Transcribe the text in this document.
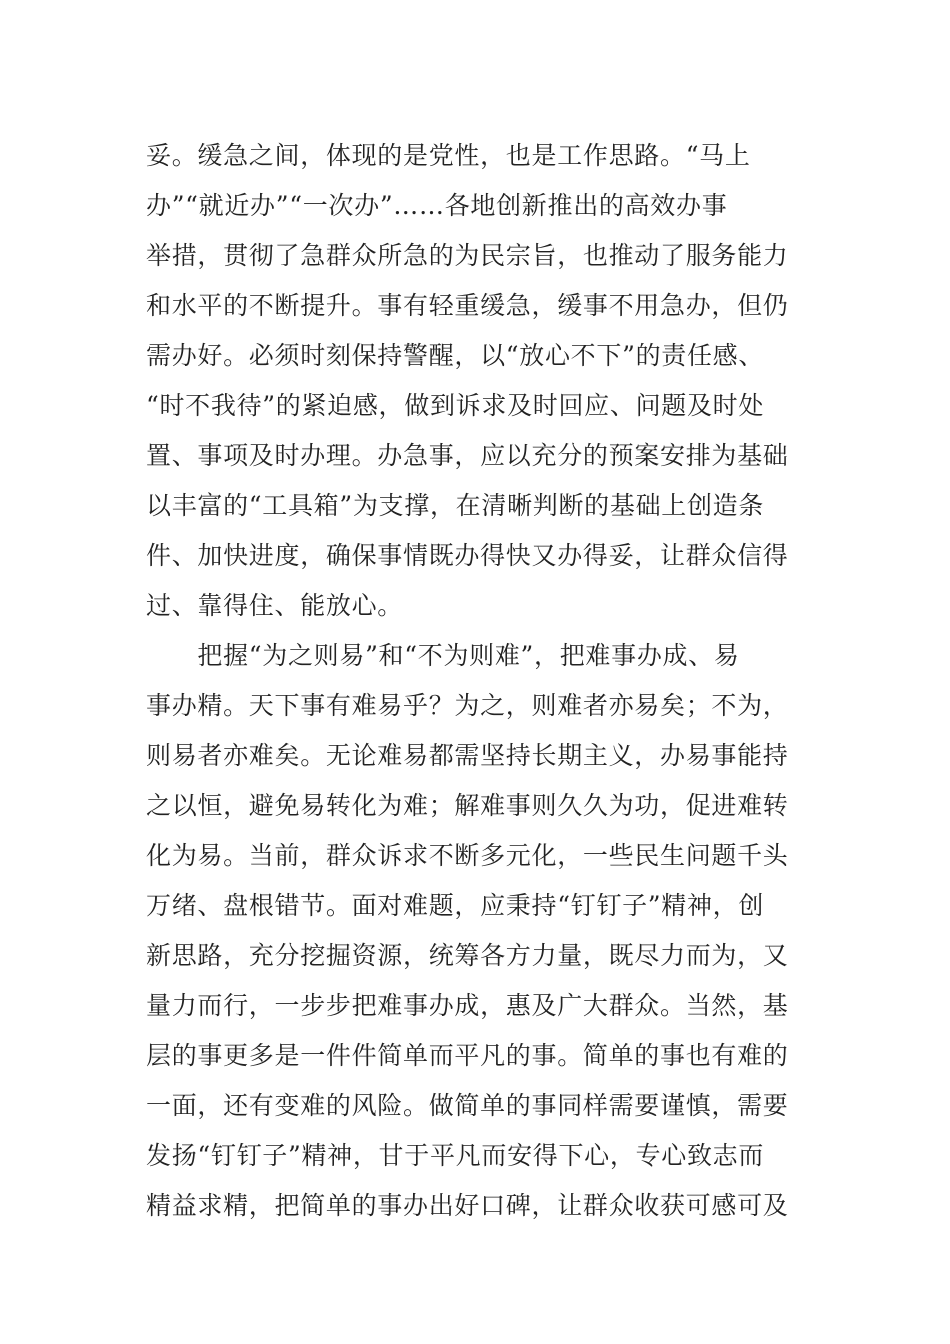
妥。缓急之间，体现的是党性，也是工作思路。“马上
办”“就近办”“一次办”……各地创新推出的高效办事
举措，贯彻了急群众所急的为民宗旨，也推动了服务能力
和水平的不断提升。事有轻重缓急，缓事不用急办，但仍
需办好。必须时刻保持警醒，以“放心不下”的责任感、
“时不我待”的紧迫感，做到诉求及时回应、问题及时处
置、事项及时办理。办急事，应以充分的预案安排为基础
以丰富的“工具箱”为支撑，在清晰判断的基础上创造条
件、加快进度，确保事情既办得快又办得妥，让群众信得
过、靠得住、能放心。
　　把握“为之则易”和“不为则难”，把难事办成、易
事办精。天下事有难易乎？为之，则难者亦易矣；不为，
则易者亦难矣。无论难易都需坚持长期主义，办易事能持
之以恒，避免易转化为难；解难事则久久为功，促进难转
化为易。当前，群众诉求不断多元化，一些民生问题千头
万绪、盘根错节。面对难题，应秉持“钉钉子”精神，创
新思路，充分挖掘资源，统筹各方力量，既尽力而为，又
量力而行，一步步把难事办成，惠及广大群众。当然，基
层的事更多是一件件简单而平凡的事。简单的事也有难的
一面，还有变难的风险。做简单的事同样需要谨慎，需要
发扬“钉钉子”精神，甘于平凡而安得下心，专心致志而
精益求精，把简单的事办出好口碑，让群众收获可感可及
